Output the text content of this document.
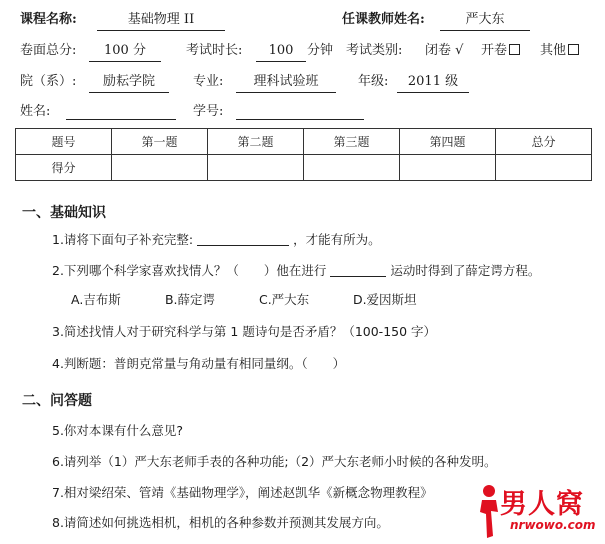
课程名称:	基础物理 II	任课教师姓名:	严大东
卷面总分:	100 分	考试时长:	100	分钟 考试类别: 闭卷 √ 开卷	其他
院（系）:	励耘学院	专业:	理科试验班	年级:	2011 级
姓名:	学号:
题号	第一题	第二题	第三题	第四题	总分
得分					
一、基础知识
1.请将下面句子补充完整:	，才能有所为。
2.下列哪个科学家喜欢找情人？（　　）他在进行	运动时得到了薛定谔方程。
A.吉布斯	B.薛定谔	C.严大东	D.爱因斯坦
3.简述找情人对于研究科学与第 1 题诗句是否矛盾？（100-150 字）
4.判断题：普朗克常量与角动量有相同量纲。（　　）
二、问答题
5.你对本课有什么意见?
6.请列举（1）严大东老师手表的各种功能;（2）严大东老师小时候的各种发明。
7.相对梁绍荣、管靖《基础物理学》，阐述赵凯华《新概念物理教程》
8.请简述如何挑选相机，相机的各种参数并预测其发展方向。
男人窝
nrwowo.com
